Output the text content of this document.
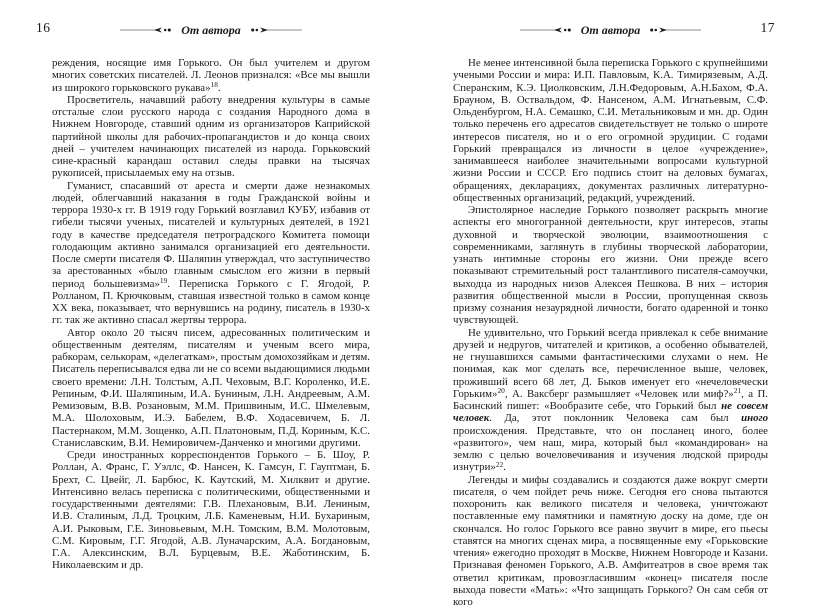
16	От автора

реждения, носящие имя Горького. Он был учителем и другом многих советских писателей. Л. Леонов признался: «Все мы вышли из широкого горьковского рукава»$^{18}$.

Просветитель, начавший работу внедрения культуры в самые отсталые слои русского народа с создания Народного дома в Нижнем Новгороде, ставший одним из организаторов Каприйской партийной школы для рабочих-пропагандистов и до конца своих дней – учителем начинающих писателей из народа. Горьковский сине-красный карандаш оставил следы правки на тысячах рукописей, присылаемых ему на отзыв.

Гуманист, спасавший от ареста и смерти даже незнакомых людей, облегчавший наказания в годы Гражданской войны и террора 1930-х гг. В 1919 году Горький возглавил КУБУ, избавив от гибели тысячи ученых, писателей и культурных деятелей, в 1921 году в качестве председателя петроградского Комитета помощи голодающим активно занимался организацией его деятельности. После смерти писателя Ф. Шаляпин утверждал, что заступничество за арестованных «было главным смыслом его жизни в первый период большевизма»$^{19}$. Переписка Горького с Г. Ягодой, Р. Ролланом, П. Крючковым, ставшая известной только в самом конце XX века, показывает, что вернувшись на родину, писатель в 1930-х гг. так же активно спасал жертвы террора.

Автор около 20 тысяч писем, адресованных политическим и общественным деятелям, писателям и ученым всего мира, рабкорам, селькорам, «делегаткам», простым домохозяйкам и детям. Писатель переписывался едва ли не со всеми выдающимися людьми своего времени: Л.Н. Толстым, А.П. Чеховым, В.Г. Короленко, И.Е. Репиным, Ф.И. Шаляпиным, И.А. Буниным, Л.Н. Андреевым, А.М. Ремизовым, В.В. Розановым, М.М. Пришвиным, И.С. Шмелевым, М.А. Шолоховым, И.Э. Бабелем, В.Ф. Ходасевичем, Б. Л. Пастернаком, М.М. Зощенко, А.П. Платоновым, П.Д. Кориным, К.С. Станиславским, В.И. Немировичем-Данченко и многими другими.

Среди иностранных корреспондентов Горького – Б. Шоу, Р. Роллан, А. Франс, Г. Уэллс, Ф. Нансен, К. Гамсун, Г. Гауптман, Б. Брехт, С. Цвейг, Л. Барбюс, К. Каутский, М. Хилквит и другие. Интенсивно велась переписка с политическими, общественными и государственными деятелями: Г.В. Плехановым, В.И. Лениным, И.В. Сталиным, Л.Д. Троцким, Л.Б. Каменевым, Н.И. Бухариным, А.И. Рыковым, Г.Е. Зиновьевым, М.Н. Томским, В.М. Молотовым, С.М. Кировым, Г.Г. Ягодой, А.В. Луначарским, А.А. Богдановым, Г.А. Алексинским, В.Л. Бурцевым, В.Е. Жаботинским, Б. Николаевским и др.

17
От автора

Не менее интенсивной была переписка Горького с крупнейшими учеными России и мира: И.П. Павловым, К.А. Тимирязевым, А.Д. Сперанским, К.Э. Циолковским, Л.Н.Федоровым, А.Н.Бахом, Ф.А. Брауном, В. Оствальдом, Ф. Нансеном, А.М. Игнатьевым, С.Ф. Ольденбургом, Н.А. Семашко, С.И. Метальниковым и мн. др. Один только перечень его адресатов свидетельствует не только о широте интересов писателя, но и о его огромной эрудиции. С годами Горький превращался из личности в целое «учреждение», занимавшееся наиболее значительными вопросами культурной жизни России и СССР. Его подпись стоит на деловых бумагах, обращениях, декларациях, документах различных литературно-общественных организаций, редакций, учреждений.

Эпистолярное наследие Горького позволяет раскрыть многие аспекты его многогранной деятельности, круг интересов, этапы духовной и творческой эволюции, взаимоотношения с современниками, заглянуть в глубины творческой лаборатории, узнать интимные стороны его жизни. Они прежде всего показывают стремительный рост талантливого писателя-самоучки, выходца из народных низов Алексея Пешкова. В них – история развития общественной мысли в России, пропущенная сквозь призму сознания незаурядной личности, богато одаренной и тонко чувствующей.

Не удивительно, что Горький всегда привлекал к себе внимание друзей и недругов, читателей и критиков, а особенно обывателей, не гнушавшихся самыми фантастическими слухами о нем. Не понимая, как мог сделать все, перечисленное выше, человек, проживший всего 68 лет, Д. Быков именует его «нечеловечески Горьким»$^{20}$, А. Ваксберг размышляет «Человек или миф?»$^{21}$, а П. Басинский пишет: «Вообразите себе, что Горький был не совсем человек. Да, этот поклонник Человека сам был иного происхождения. Представьте, что он посланец иного, более «развитого», чем наш, мира, который был «командирован» на землю с целью вочеловечивания и изучения людской природы изнутри»$^{22}$.

Легенды и мифы создавались и создаются даже вокруг смерти писателя, о чем пойдет речь ниже. Сегодня его снова пытаются похоронить как великого писателя и человека, уничтожают поставленные ему памятники и памятную доску на доме, где он скончался. Но голос Горького все равно звучит в мире, его пьесы ставятся на многих сценах мира, а посвященные ему «Горьковские чтения» ежегодно проходят в Москве, Нижнем Новгороде и Казани. Признавая феномен Горького, А.В. Амфитеатров в свое время так ответил критикам, провозгласившим «конец» писателя после выхода повести «Мать»: «Что защищать Горького? Он сам себя от кого
